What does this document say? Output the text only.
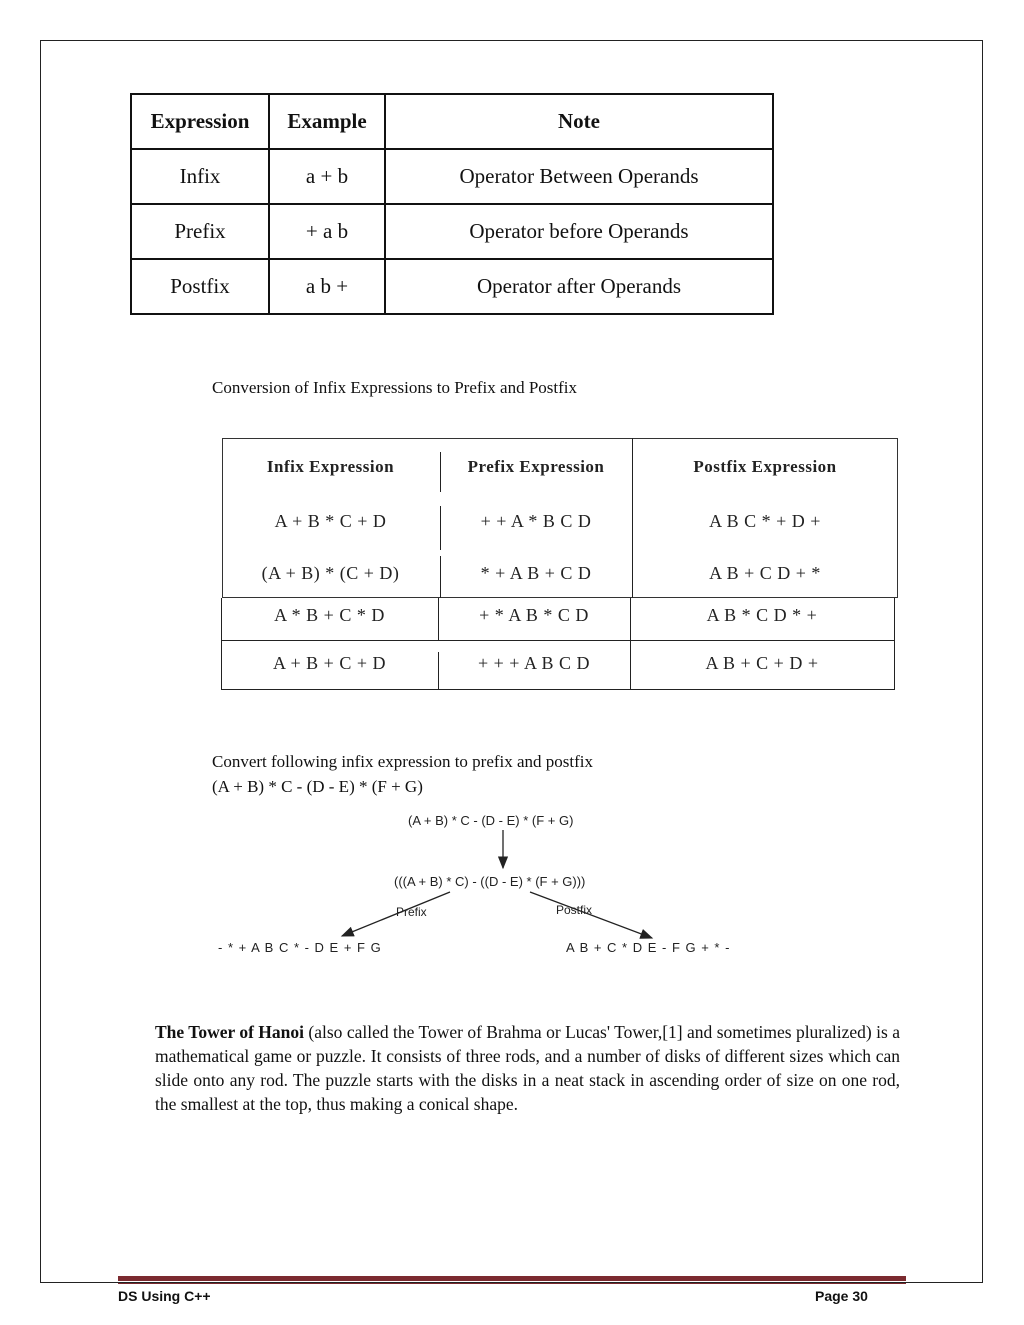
Expression	Example	Note
Infix	a + b	Operator Between Operands
Prefix	+ a b	Operator before Operands
Postfix	a b +	Operator after Operands
Conversion of Infix Expressions to Prefix and Postfix
Infix Expression	Prefix Expression	Postfix Expression
A + B * C + D	+ + A * B C D	A B C * + D +
(A + B) * (C + D)	* + A B + C D	A B + C D + *
A * B + C * D	+ * A B * C D	A B * C D * +
A + B + C + D	+ + + A B C D	A B + C + D +
Convert following infix expression to prefix and postfix
(A + B) * C - (D - E) * (F + G)
(A + B) * C - (D - E) * (F + G)
(((A + B) * C) - ((D - E) * (F + G)))
Prefix	Postfix
- * + A B C * - D E + F G	A B + C * D E - F G + * -

The Tower of Hanoi (also called the Tower of Brahma or Lucas' Tower,[1] and sometimes pluralized) is a mathematical game or puzzle. It consists of three rods, and a number of disks of different sizes which can slide onto any rod. The puzzle starts with the disks in a neat stack in ascending order of size on one rod, the smallest at the top, thus making a conical shape.

DS Using C++	Page 30
